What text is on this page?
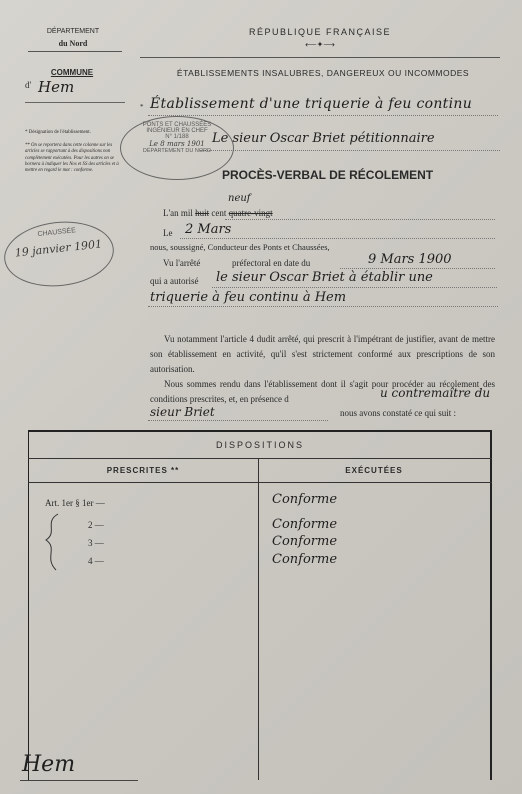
DÉPARTEMENT
du Nord
RÉPUBLIQUE FRANÇAISE
⟵✦⟶
COMMUNE
d' Hem
ÉTABLISSEMENTS INSALUBRES, DANGEREUX OU INCOMMODES
* Établissement d'une triquerie à feu continu
Le sieur Oscar Briet pétitionnaire
PROCÈS-VERBAL DE RÉCOLEMENT
* Désignation de l'établissement.
** On se reportera dans cette colonne sur les articles se rapportant à des dispositions non complètement exécutées. Pour les autres on se bornera à indiquer les Nos et SS des articles et à mettre en regard le mot : conforme.
PONTS ET CHAUSSÉES
INGÉNIEUR EN CHEF
N° 1/188
Le 8 mars 1901
DÉPARTEMENT DU NORD
CHAUSSÉE
19 janvier 1901
neuf
L'an mil huit cent quatre-vingt
Le 2 Mars
nous, soussigné, Conducteur des Ponts et Chaussées,
Vu l'arrêté	préfectoral en date du	9 Mars 1900
qui a autorisé le sieur Oscar Briet à établir une
triquerie à feu continu à Hem
Vu notamment l'article 4 dudit arrêté, qui prescrit à l'impétrant de justifier, avant de mettre son établissement en activité, qu'il s'est strictement conformé aux prescriptions de son autorisation.
Nous sommes rendu dans l'établissement dont il s'agit pour procéder au récolement des conditions prescrites, et, en présence d	u contremaître du
sieur Briet	nous avons constaté ce qui suit :
DISPOSITIONS
PRESCRITES **	EXÉCUTÉES
Art. 1er § 1er —	Conforme
2 —	Conforme
3 —	Conforme
4 —	Conforme
Hem
